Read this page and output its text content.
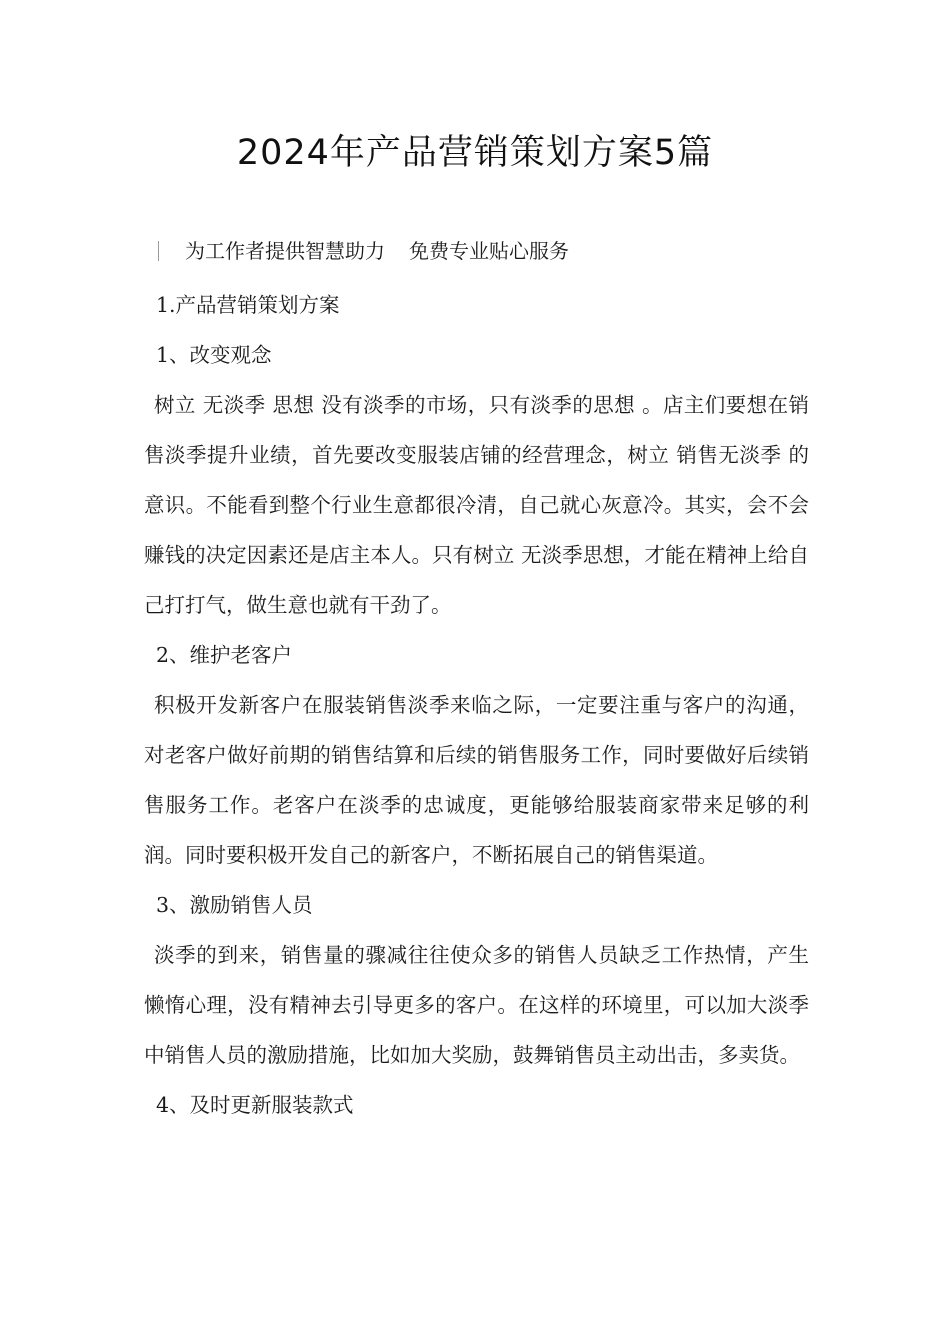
2024年产品营销策划方案5篇
为工作者提供智慧助力 免费专业贴心服务

1.产品营销策划方案

1、改变观念

树立 无淡季 思想 没有淡季的市场，只有淡季的思想 。店主们要想在销售淡季提升业绩，首先要改变服装店铺的经营理念，树立 销售无淡季 的意识。不能看到整个行业生意都很冷清，自己就心灰意冷。其实，会不会赚钱的决定因素还是店主本人。只有树立 无淡季思想，才能在精神上给自己打打气，做生意也就有干劲了。

2、维护老客户

积极开发新客户在服装销售淡季来临之际，一定要注重与客户的沟通，对老客户做好前期的销售结算和后续的销售服务工作，同时要做好后续销售服务工作。老客户在淡季的忠诚度，更能够给服装商家带来足够的利润。同时要积极开发自己的新客户，不断拓展自己的销售渠道。

3、激励销售人员

淡季的到来，销售量的骤减往往使众多的销售人员缺乏工作热情，产生懒惰心理，没有精神去引导更多的客户。在这样的环境里，可以加大淡季中销售人员的激励措施，比如加大奖励，鼓舞销售员主动出击，多卖货。

4、及时更新服装款式
